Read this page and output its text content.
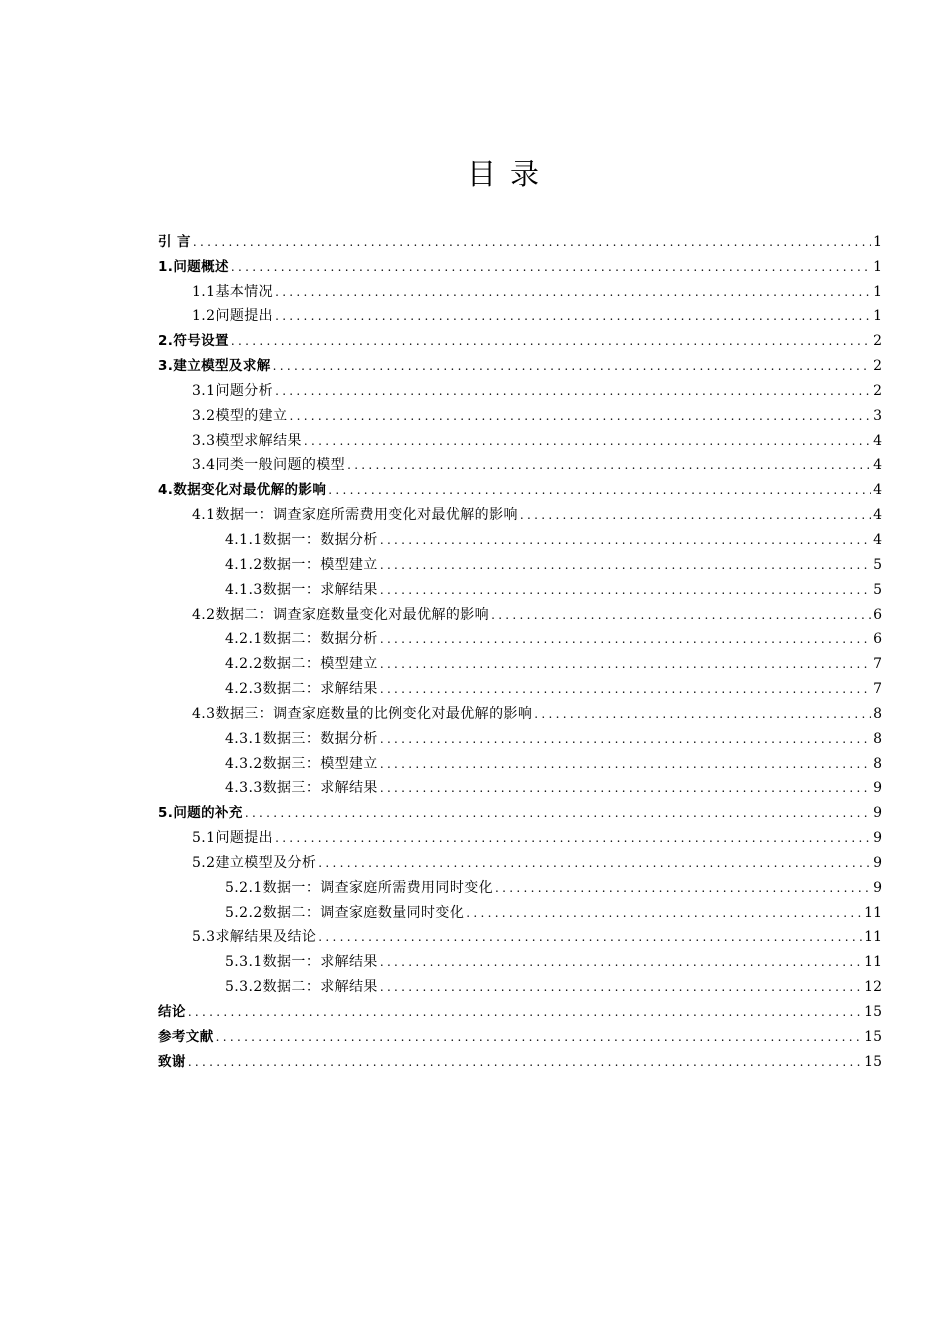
目录
引 言 .....	1
1.问题概述 .....	1
1.1基本情况 .....	1
1.2问题提出 .....	1
2.符号设置 .....	2
3.建立模型及求解 .....	2
3.1问题分析 .....	2
3.2模型的建立 .....	3
3.3模型求解结果 .....	4
3.4同类一般问题的模型 .....	4
4.数据变化对最优解的影响 .....	4
4.1数据一：调查家庭所需费用变化对最优解的影响 .....	4
4.1.1数据一：数据分析 .....	4
4.1.2数据一：模型建立 .....	5
4.1.3数据一：求解结果 .....	5
4.2数据二：调查家庭数量变化对最优解的影响 .....	6
4.2.1数据二：数据分析 .....	6
4.2.2数据二：模型建立 .....	7
4.2.3数据二：求解结果 .....	7
4.3数据三：调查家庭数量的比例变化对最优解的影响 .....	8
4.3.1数据三：数据分析 .....	8
4.3.2数据三：模型建立 .....	8
4.3.3数据三：求解结果 .....	9
5.问题的补充 .....	9
5.1问题提出 .....	9
5.2建立模型及分析 .....	9
5.2.1数据一：调查家庭所需费用同时变化 .....	9
5.2.2数据二：调查家庭数量同时变化 .....	11
5.3求解结果及结论 .....	11
5.3.1数据一：求解结果 .....	11
5.3.2数据二：求解结果 .....	12
结论 .....	15
参考文献 .....	15
致谢 .....	15
